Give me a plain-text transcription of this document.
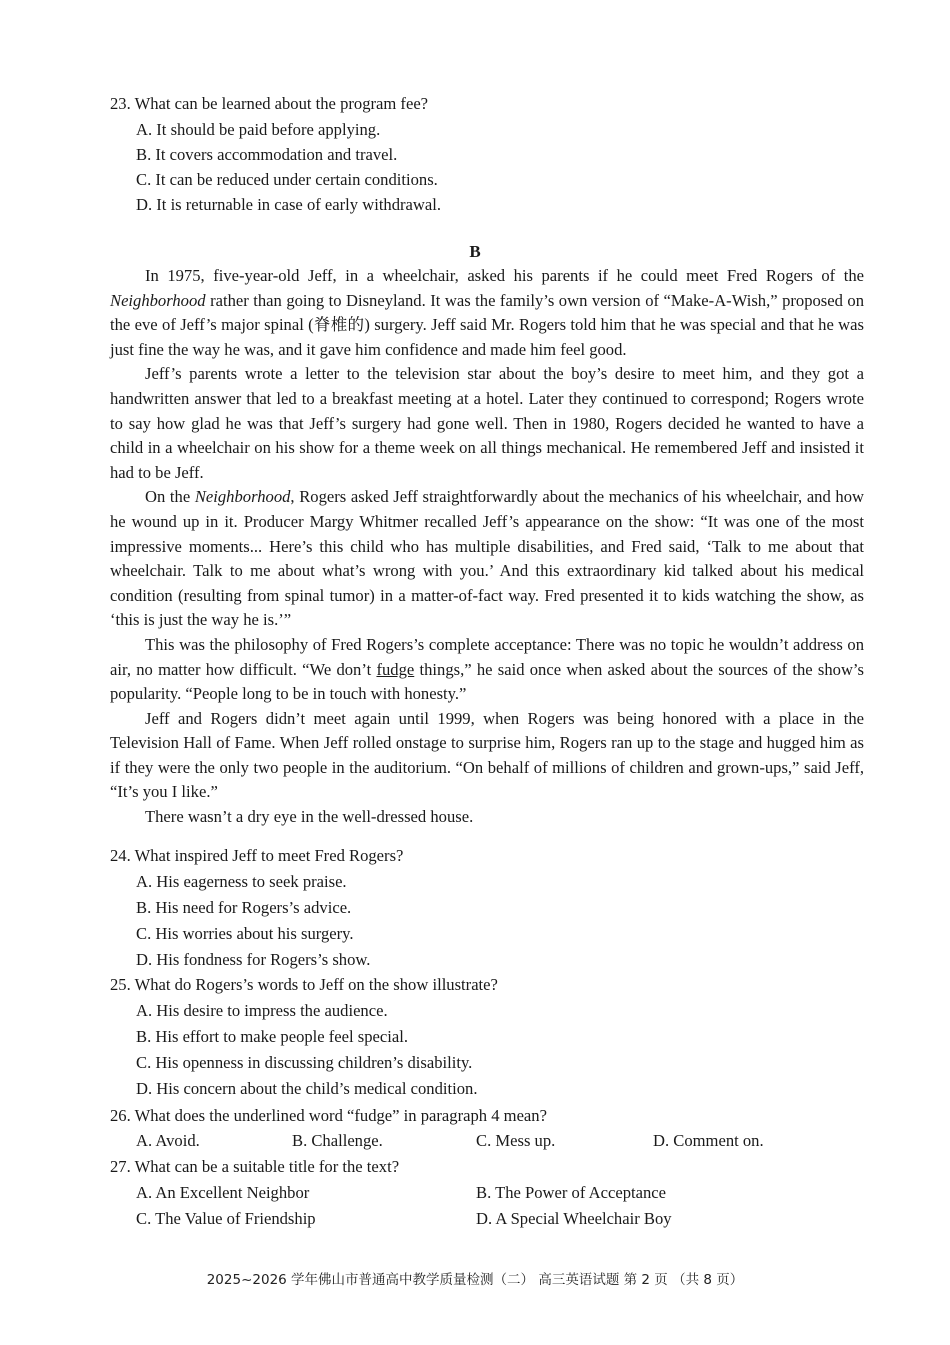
23. What can be learned about the program fee?

A. It should be paid before applying.

B. It covers accommodation and travel.

C. It can be reduced under certain conditions.

D. It is returnable in case of early withdrawal.

B

In 1975, five-year-old Jeff, in a wheelchair, asked his parents if he could meet Fred Rogers of the Neighborhood rather than going to Disneyland. It was the family’s own version of “Make-A-Wish,” proposed on the eve of Jeff’s major spinal (脊椎的) surgery. Jeff said Mr. Rogers told him that he was special and that he was just fine the way he was, and it gave him confidence and made him feel good.

Jeff’s parents wrote a letter to the television star about the boy’s desire to meet him, and they got a handwritten answer that led to a breakfast meeting at a hotel. Later they continued to correspond; Rogers wrote to say how glad he was that Jeff’s surgery had gone well. Then in 1980, Rogers decided he wanted to have a child in a wheelchair on his show for a theme week on all things mechanical. He remembered Jeff and insisted it had to be Jeff.

On the Neighborhood, Rogers asked Jeff straightforwardly about the mechanics of his wheelchair, and how he wound up in it. Producer Margy Whitmer recalled Jeff’s appearance on the show: “It was one of the most impressive moments... Here’s this child who has multiple disabilities, and Fred said, ‘Talk to me about that wheelchair. Talk to me about what’s wrong with you.’ And this extraordinary kid talked about his medical condition (resulting from spinal tumor) in a matter-of-fact way. Fred presented it to kids watching the show, as ‘this is just the way he is.’”

This was the philosophy of Fred Rogers’s complete acceptance: There was no topic he wouldn’t address on air, no matter how difficult. “We don’t fudge things,” he said once when asked about the sources of the show’s popularity. “People long to be in touch with honesty.”

Jeff and Rogers didn’t meet again until 1999, when Rogers was being honored with a place in the Television Hall of Fame. When Jeff rolled onstage to surprise him, Rogers ran up to the stage and hugged him as if they were the only two people in the auditorium. “On behalf of millions of children and grown-ups,” said Jeff, “It’s you I like.”

There wasn’t a dry eye in the well-dressed house.

24. What inspired Jeff to meet Fred Rogers?

A. His eagerness to seek praise.

B. His need for Rogers’s advice.

C. His worries about his surgery.

D. His fondness for Rogers’s show.

25. What do Rogers’s words to Jeff on the show illustrate?

A. His desire to impress the audience.

B. His effort to make people feel special.

C. His openness in discussing children’s disability.

D. His concern about the child’s medical condition.

26. What does the underlined word “fudge” in paragraph 4 mean?

A. Avoid.	B. Challenge.	C. Mess up.	D. Comment on.

27. What can be a suitable title for the text?

A. An Excellent Neighbor	B. The Power of Acceptance

C. The Value of Friendship	D. A Special Wheelchair Boy

2025~2026 学年佛山市普通高中教学质量检测（二） 高三英语试题 第 2 页 （共 8 页）
